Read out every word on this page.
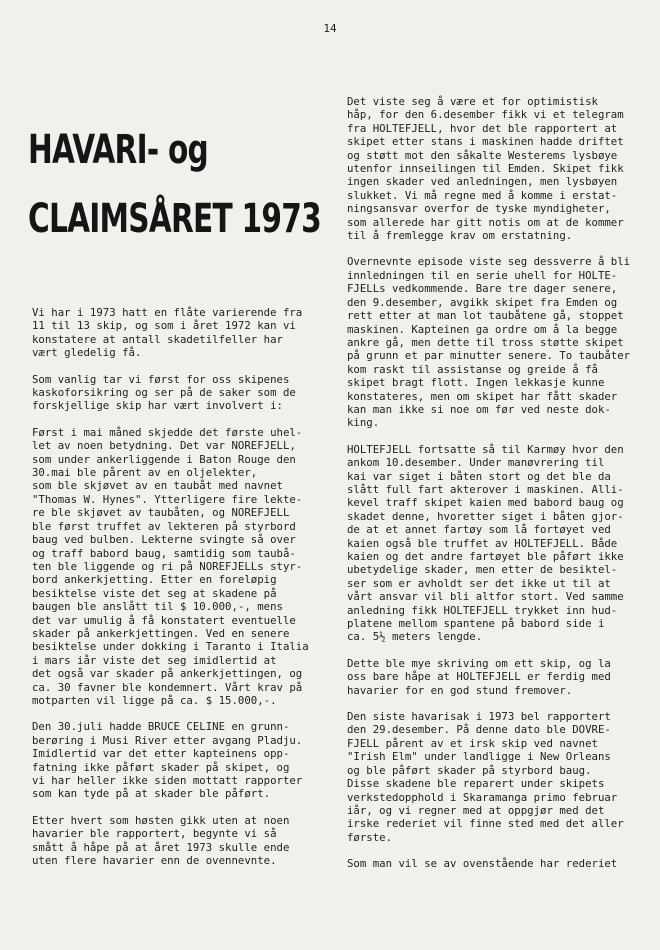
14
HAVARI- og
CLAIMSÅRET 1973

Vi har i 1973 hatt en flåte varierende fra
11 til 13 skip, og som i året 1972 kan vi
konstatere at antall skadetilfeller har
vært gledelig få.

Som vanlig tar vi først for oss skipenes
kaskoforsikring og ser på de saker som de
forskjellige skip har vært involvert i:

Først i mai måned skjedde det første uhel-
let av noen betydning. Det var NOREFJELL,
som under ankerliggende i Baton Rouge den
30.mai ble pårent av en oljelekter,
som ble skjøvet av en taubåt med navnet
"Thomas W. Hynes". Ytterligere fire lekte-
re ble skjøvet av taubåten, og NOREFJELL
ble først truffet av lekteren på styrbord
baug ved bulben. Lekterne svingte så over
og traff babord baug, samtidig som taubå-
ten ble liggende og ri på NOREFJELLs styr-
bord ankerkjetting. Etter en foreløpig
besiktelse viste det seg at skadene på
baugen ble anslått til $ 10.000,-, mens
det var umulig å få konstatert eventuelle
skader på ankerkjettingen. Ved en senere
besiktelse under dokking i Taranto i Italia
i mars iår viste det seg imidlertid at
det også var skader på ankerkjettingen, og
ca. 30 favner ble kondemnert. Vårt krav på
motparten vil ligge på ca. $ 15.000,-.

Den 30.juli hadde BRUCE CELINE en grunn-
berøring i Musi River etter avgang Pladju.
Imidlertid var det etter kapteinens opp-
fatning ikke påført skader på skipet, og
vi har heller ikke siden mottatt rapporter
som kan tyde på at skader ble påført.

Etter hvert som høsten gikk uten at noen
havarier ble rapportert, begynte vi så
smått å håpe på at året 1973 skulle ende
uten flere havarier enn de ovennevnte.

Det viste seg å være et for optimistisk
håp, for den 6.desember fikk vi et telegram
fra HOLTEFJELL, hvor det ble rapportert at
skipet etter stans i maskinen hadde driftet
og støtt mot den såkalte Westerems lysbøye
utenfor innseilingen til Emden. Skipet fikk
ingen skader ved anledningen, men lysbøyen
slukket. Vi må regne med å komme i erstat-
ningsansvar overfor de tyske myndigheter,
som allerede har gitt notis om at de kommer
til å fremlegge krav om erstatning.

Overnevnte episode viste seg dessverre å bli
innledningen til en serie uhell for HOLTE-
FJELLs vedkommende. Bare tre dager senere,
den 9.desember, avgikk skipet fra Emden og
rett etter at man lot taubåtene gå, stoppet
maskinen. Kapteinen ga ordre om å la begge
ankre gå, men dette til tross støtte skipet
på grunn et par minutter senere. To taubåter
kom raskt til assistanse og greide å få
skipet bragt flott. Ingen lekkasje kunne
konstateres, men om skipet har fått skader
kan man ikke si noe om før ved neste dok-
king.

HOLTEFJELL fortsatte så til Karmøy hvor den
ankom 10.desember. Under manøvrering til
kai var siget i båten stort og det ble da
slått full fart akterover i maskinen. Alli-
kevel traff skipet kaien med babord baug og
skadet denne, hvoretter siget i båten gjor-
de at et annet fartøy som lå fortøyet ved
kaien også ble truffet av HOLTEFJELL. Både
kaien og det andre fartøyet ble påført ikke
ubetydelige skader, men etter de besiktel-
ser som er avholdt ser det ikke ut til at
vårt ansvar vil bli altfor stort. Ved samme
anledning fikk HOLTEFJELL trykket inn hud-
platene mellom spantene på babord side i
ca. 5½ meters lengde.

Dette ble mye skriving om ett skip, og la
oss bare håpe at HOLTEFJELL er ferdig med
havarier for en god stund fremover.

Den siste havarisak i 1973 bel rapportert
den 29.desember. På denne dato ble DOVRE-
FJELL pårent av et irsk skip ved navnet
"Irish Elm" under landligge i New Orleans
og ble påført skader på styrbord baug.
Disse skadene ble reparert under skipets
verkstedopphold i Skaramanga primo februar
iår, og vi regner med at oppgjør med det
irske rederiet vil finne sted med det aller
første.

Som man vil se av ovenstående har rederiet
